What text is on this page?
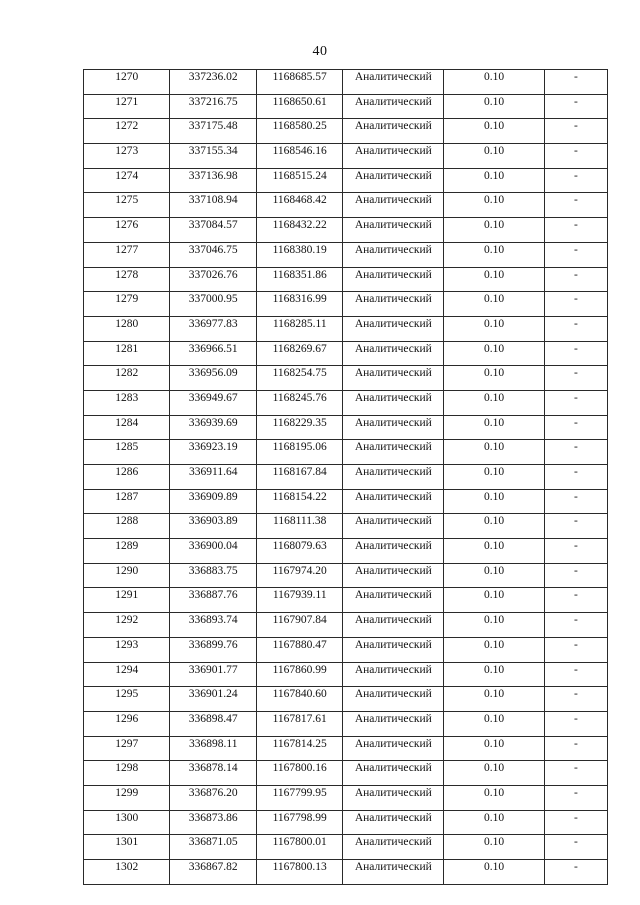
40
1270	337236.02	1168685.57	Аналитический	0.10	-
1271	337216.75	1168650.61	Аналитический	0.10	-
1272	337175.48	1168580.25	Аналитический	0.10	-
1273	337155.34	1168546.16	Аналитический	0.10	-
1274	337136.98	1168515.24	Аналитический	0.10	-
1275	337108.94	1168468.42	Аналитический	0.10	-
1276	337084.57	1168432.22	Аналитический	0.10	-
1277	337046.75	1168380.19	Аналитический	0.10	-
1278	337026.76	1168351.86	Аналитический	0.10	-
1279	337000.95	1168316.99	Аналитический	0.10	-
1280	336977.83	1168285.11	Аналитический	0.10	-
1281	336966.51	1168269.67	Аналитический	0.10	-
1282	336956.09	1168254.75	Аналитический	0.10	-
1283	336949.67	1168245.76	Аналитический	0.10	-
1284	336939.69	1168229.35	Аналитический	0.10	-
1285	336923.19	1168195.06	Аналитический	0.10	-
1286	336911.64	1168167.84	Аналитический	0.10	-
1287	336909.89	1168154.22	Аналитический	0.10	-
1288	336903.89	1168111.38	Аналитический	0.10	-
1289	336900.04	1168079.63	Аналитический	0.10	-
1290	336883.75	1167974.20	Аналитический	0.10	-
1291	336887.76	1167939.11	Аналитический	0.10	-
1292	336893.74	1167907.84	Аналитический	0.10	-
1293	336899.76	1167880.47	Аналитический	0.10	-
1294	336901.77	1167860.99	Аналитический	0.10	-
1295	336901.24	1167840.60	Аналитический	0.10	-
1296	336898.47	1167817.61	Аналитический	0.10	-
1297	336898.11	1167814.25	Аналитический	0.10	-
1298	336878.14	1167800.16	Аналитический	0.10	-
1299	336876.20	1167799.95	Аналитический	0.10	-
1300	336873.86	1167798.99	Аналитический	0.10	-
1301	336871.05	1167800.01	Аналитический	0.10	-
1302	336867.82	1167800.13	Аналитический	0.10	-
